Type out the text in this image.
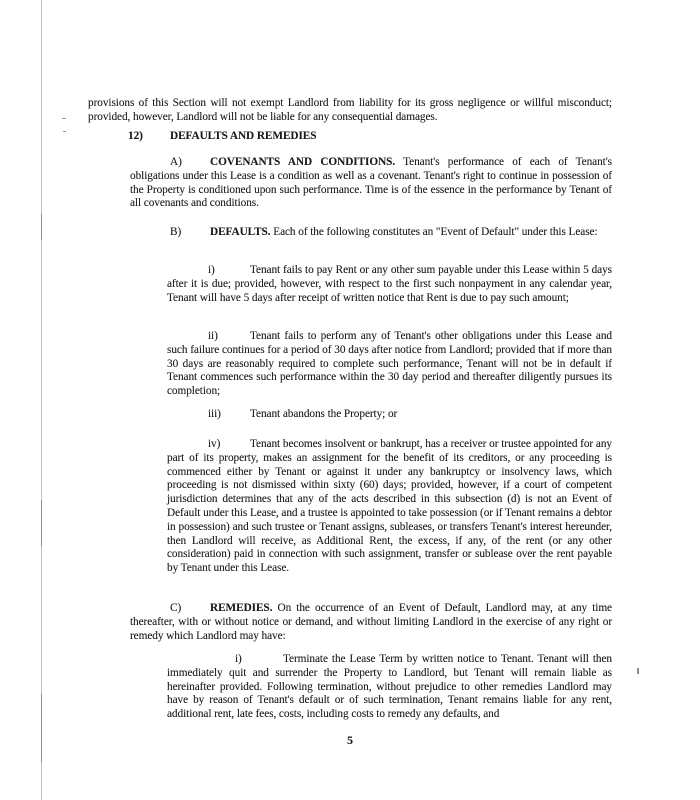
provisions of this Section will not exempt Landlord from liability for its gross negligence or willful misconduct; provided, however, Landlord will not be liable for any consequential damages.

12) DEFAULTS AND REMEDIES
A) COVENANTS AND CONDITIONS. Tenant's performance of each of Tenant's obligations under this Lease is a condition as well as a covenant. Tenant's right to continue in possession of the Property is conditioned upon such performance. Time is of the essence in the performance by Tenant of all covenants and conditions.
B)	DEFAULTS. Each of the following constitutes an "Event of Default" under this Lease:
i)	Tenant fails to pay Rent or any other sum payable under this Lease within 5 days after it is due; provided, however, with respect to the first such nonpayment in any calendar year, Tenant will have 5 days after receipt of written notice that Rent is due to pay such amount;
ii)	Tenant fails to perform any of Tenant's other obligations under this Lease and such failure continues for a period of 30 days after notice from Landlord; provided that if more than 30 days are reasonably required to complete such performance, Tenant will not be in default if Tenant commences such performance within the 30 day period and thereafter diligently pursues its completion;
iii)	Tenant abandons the Property; or
iv)	Tenant becomes insolvent or bankrupt, has a receiver or trustee appointed for any part of its property, makes an assignment for the benefit of its creditors, or any proceeding is commenced either by Tenant or against it under any bankruptcy or insolvency laws, which proceeding is not dismissed within sixty (60) days; provided, however, if a court of competent jurisdiction determines that any of the acts described in this subsection (d) is not an Event of Default under this Lease, and a trustee is appointed to take possession (or if Tenant remains a debtor in possession) and such trustee or Tenant assigns, subleases, or transfers Tenant's interest hereunder, then Landlord will receive, as Additional Rent, the excess, if any, of the rent (or any other consideration) paid in connection with such assignment, transfer or sublease over the rent payable by Tenant under this Lease.
C)	REMEDIES. On the occurrence of an Event of Default, Landlord may, at any time thereafter, with or without notice or demand, and without limiting Landlord in the exercise of any right or remedy which Landlord may have:
i)	Terminate the Lease Term by written notice to Tenant. Tenant will then immediately quit and surrender the Property to Landlord, but Tenant will remain liable as hereinafter provided. Following termination, without prejudice to other remedies Landlord may have by reason of Tenant's default or of such termination, Tenant remains liable for any rent, additional rent, late fees, costs, including costs to remedy any defaults, and
5
